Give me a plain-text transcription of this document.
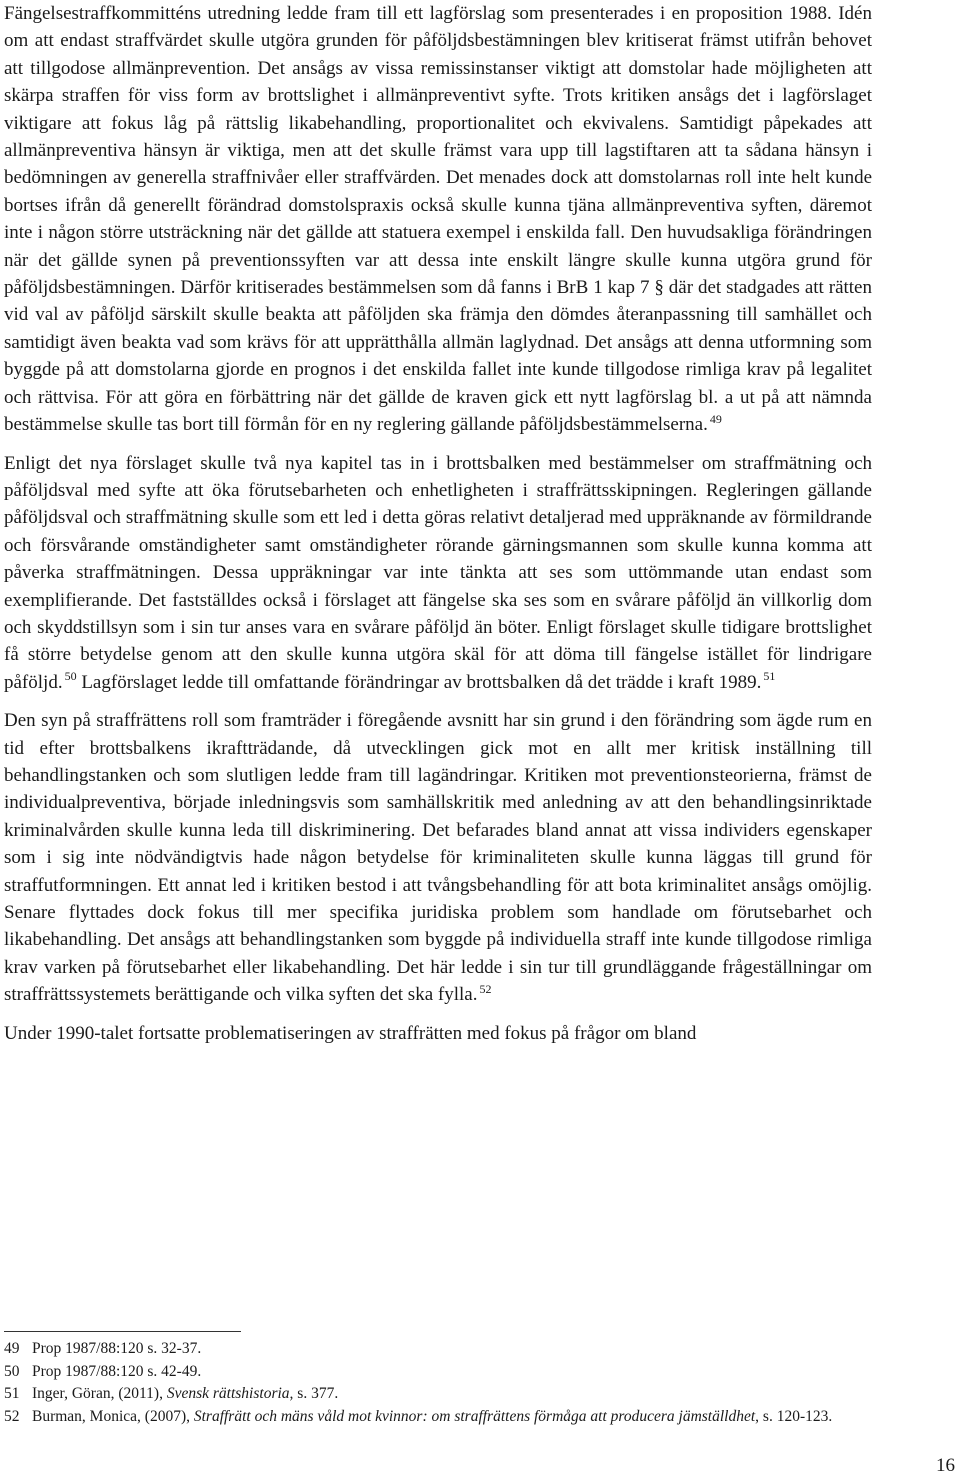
Fängelsestraffkommitténs utredning ledde fram till ett lagförslag som presenterades i en proposition 1988. Idén om att endast straffvärdet skulle utgöra grunden för påföljdsbestämningen blev kritiserat främst utifrån behovet att tillgodose allmänprevention. Det ansågs av vissa remissinstanser viktigt att domstolar hade möjligheten att skärpa straffen för viss form av brottslighet i allmänpreventivt syfte. Trots kritiken ansågs det i lagförslaget viktigare att fokus låg på rättslig likabehandling, proportionalitet och ekvivalens. Samtidigt påpekades att allmänpreventiva hänsyn är viktiga, men att det skulle främst vara upp till lagstiftaren att ta sådana hänsyn i bedömningen av generella straffnivåer eller straffvärden. Det menades dock att domstolarnas roll inte helt kunde bortses ifrån då generellt förändrad domstolspraxis också skulle kunna tjäna allmänpreventiva syften, däremot inte i någon större utsträckning när det gällde att statuera exempel i enskilda fall. Den huvudsakliga förändringen när det gällde synen på preventionssyften var att dessa inte enskilt längre skulle kunna utgöra grund för påföljdsbestämningen. Därför kritiserades bestämmelsen som då fanns i BrB 1 kap 7 § där det stadgades att rätten vid val av påföljd särskilt skulle beakta att påföljden ska främja den dömdes återanpassning till samhället och samtidigt även beakta vad som krävs för att upprätthålla allmän laglydnad. Det ansågs att denna utformning som byggde på att domstolarna gjorde en prognos i det enskilda fallet inte kunde tillgodose rimliga krav på legalitet och rättvisa. För att göra en förbättring när det gällde de kraven gick ett nytt lagförslag bl. a ut på att nämnda bestämmelse skulle tas bort till förmån för en ny reglering gällande påföljdsbestämmelserna. $^{49}$

Enligt det nya förslaget skulle två nya kapitel tas in i brottsbalken med bestämmelser om straffmätning och påföljdsval med syfte att öka förutsebarheten och enhetligheten i straffrättsskipningen. Regleringen gällande påföljdsval och straffmätning skulle som ett led i detta göras relativt detaljerad med uppräknande av förmildrande och försvårande omständigheter samt omständigheter rörande gärningsmannen som skulle kunna komma att påverka straffmätningen. Dessa uppräkningar var inte tänkta att ses som uttömmande utan endast som exemplifierande. Det fastställdes också i förslaget att fängelse ska ses som en svårare påföljd än villkorlig dom och skyddstillsyn som i sin tur anses vara en svårare påföljd än böter. Enligt förslaget skulle tidigare brottslighet få större betydelse genom att den skulle kunna utgöra skäl för att döma till fängelse istället för lindrigare påföljd. $^{50}$ Lagförslaget ledde till omfattande förändringar av brottsbalken då det trädde i kraft 1989. $^{51}$

Den syn på straffrättens roll som framträder i föregående avsnitt har sin grund i den förändring som ägde rum en tid efter brottsbalkens ikraftträdande, då utvecklingen gick mot en allt mer kritisk inställning till behandlingstanken och som slutligen ledde fram till lagändringar. Kritiken mot preventionsteorierna, främst de individualpreventiva, började inledningsvis som samhällskritik med anledning av att den behandlingsinriktade kriminalvården skulle kunna leda till diskriminering. Det befarades bland annat att vissa individers egenskaper som i sig inte nödvändigtvis hade någon betydelse för kriminaliteten skulle kunna läggas till grund för straffutformningen. Ett annat led i kritiken bestod i att tvångsbehandling för att bota kriminalitet ansågs omöjlig. Senare flyttades dock fokus till mer specifika juridiska problem som handlade om förutsebarhet och likabehandling. Det ansågs att behandlingstanken som byggde på individuella straff inte kunde tillgodose rimliga krav varken på förutsebarhet eller likabehandling. Det här ledde i sin tur till grundläggande frågeställningar om straffrättssystemets berättigande och vilka syften det ska fylla. $^{52}$

Under 1990-talet fortsatte problematiseringen av straffrätten med fokus på frågor om bland

49 Prop 1987/88:120 s. 32-37.
50 Prop 1987/88:120 s. 42-49.
51 Inger, Göran, (2011), Svensk rättshistoria, s. 377.
52 Burman, Monica, (2007), Straffrätt och mäns våld mot kvinnor: om straffrättens förmåga att producera jämställdhet, s. 120-123.
16
